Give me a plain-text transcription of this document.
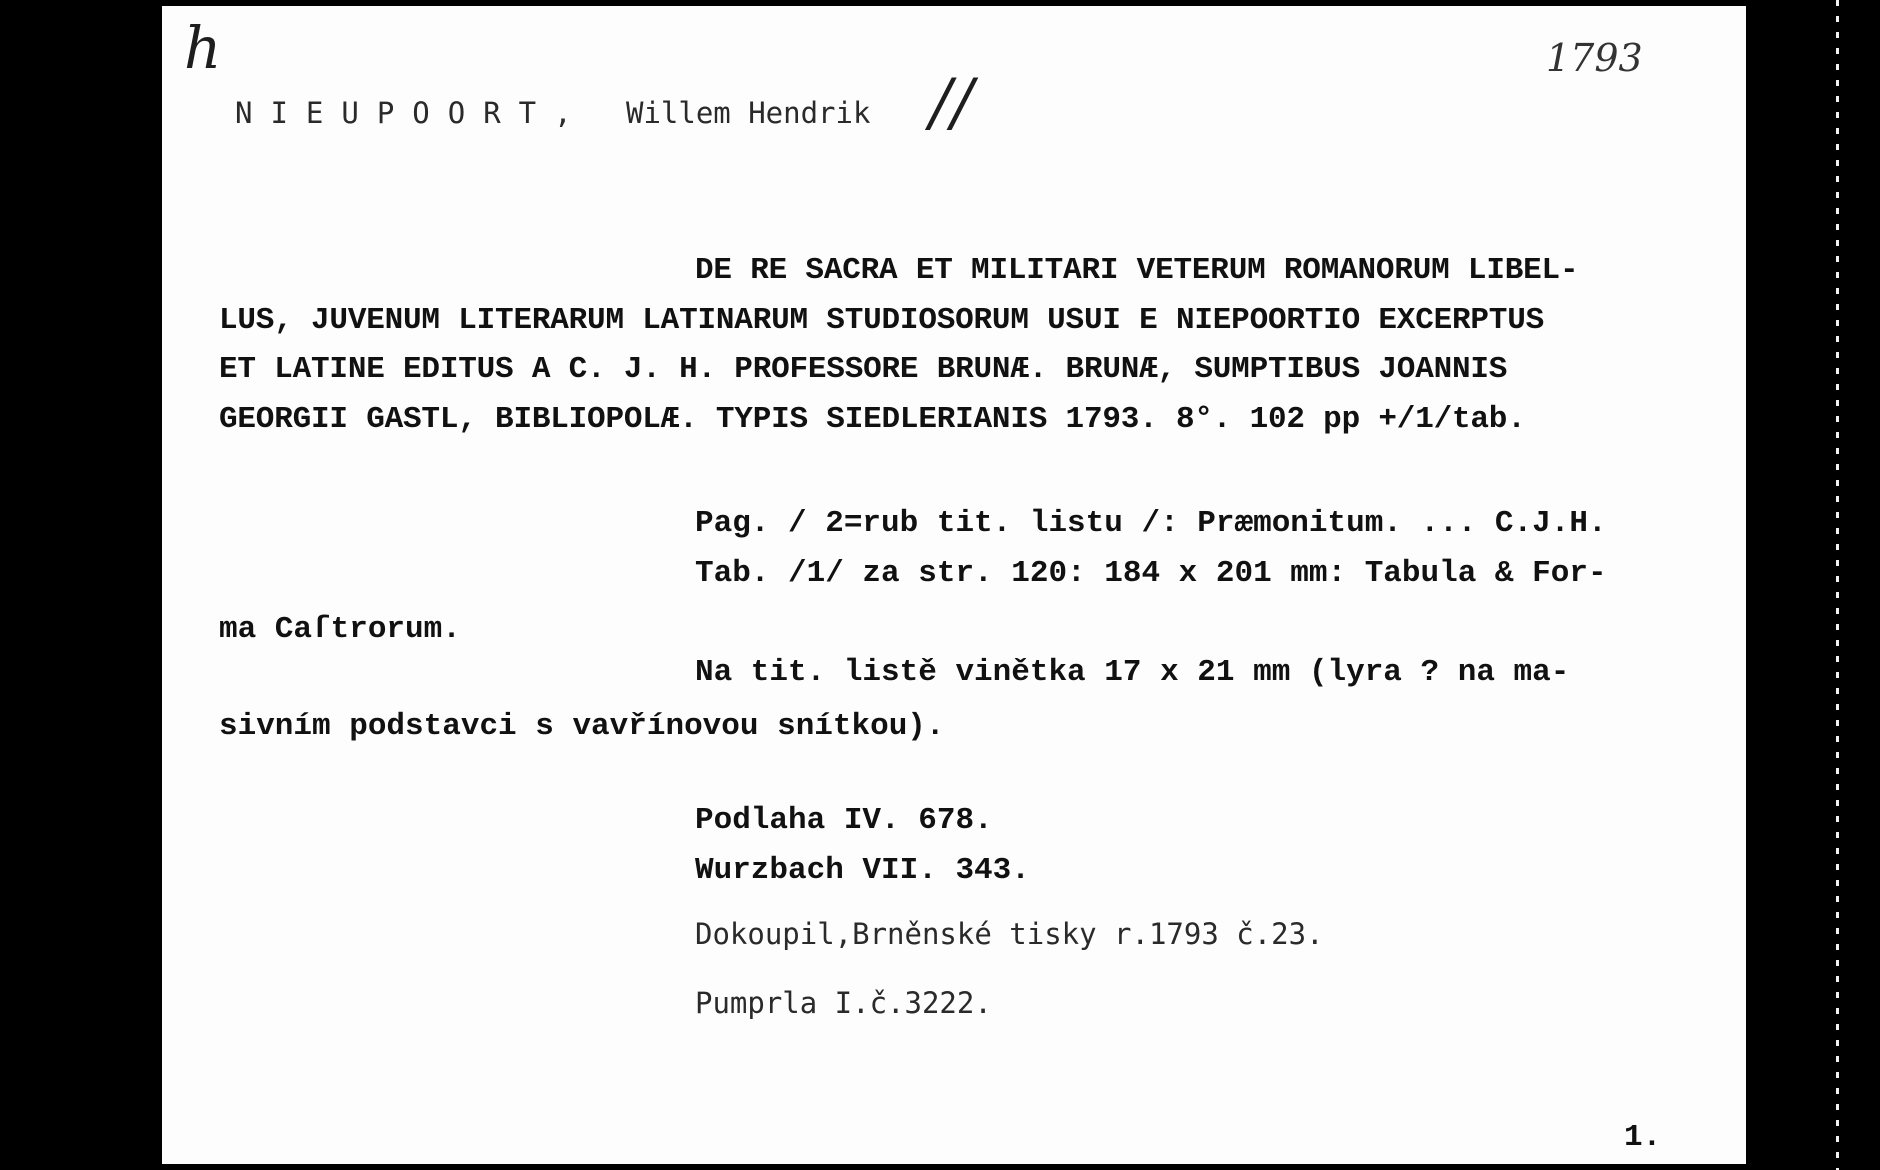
h	1793
NIEUPOORT, Willem Hendrik //
DE RE SACRA ET MILITARI VETERUM ROMANORUM LIBEL-
LUS, JUVENUM LITERARUM LATINARUM STUDIOSORUM USUI E NIEPOORTIO EXCERPTUS
ET LATINE EDITUS A C. J. H. PROFESSORE BRUNÆ. BRUNÆ, SUMPTIBUS JOANNIS
GEORGII GASTL, BIBLIOPOLÆ. TYPIS SIEDLERIANIS 1793. 8°. 102 pp +/1/tab.
Pag. / 2=rub tit. listu /: Præmonitum. ... C.J.H.
Tab. /1/ za str. 120: 184 x 201 mm: Tabula & For-
ma Caſtrorum.
Na tit. listě vinětka 17 x 21 mm (lyra ? na ma-
sivním podstavci s vavřínovou snítkou).
Podlaha IV. 678.
Wurzbach VII. 343.
Dokoupil,Brněnské tisky r.1793 č.23.
Pumprla I.č.3222.
1.
